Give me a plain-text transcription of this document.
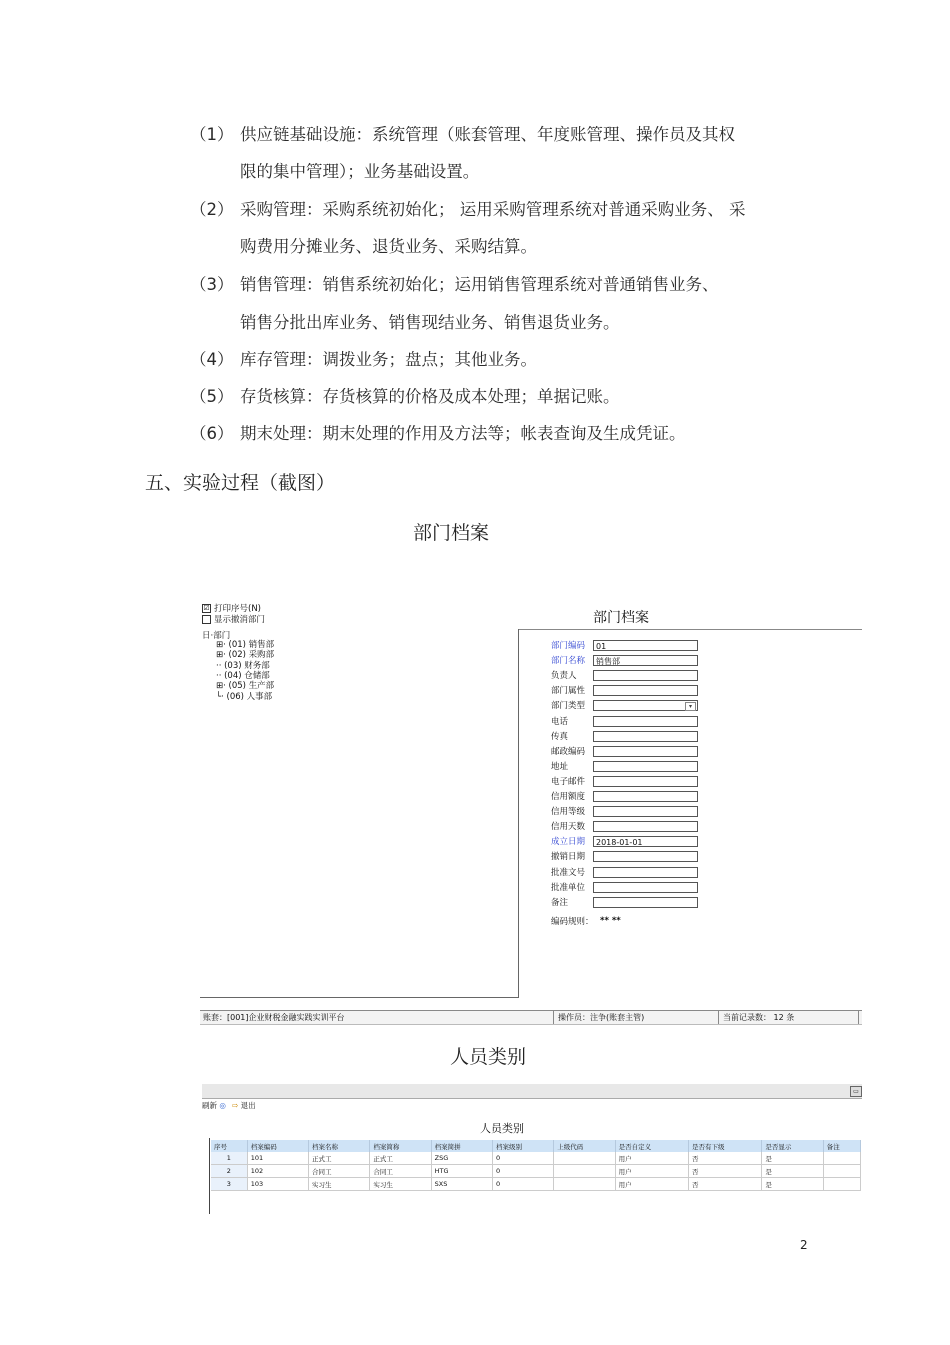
（1） 供应链基础设施：系统管理（账套管理、年度账管理、操作员及其权
限的集中管理）；业务基础设置。
（2） 采购管理：采购系统初始化； 运用采购管理系统对普通采购业务、 采
购费用分摊业务、退货业务、采购结算。
（3） 销售管理：销售系统初始化；运用销售管理系统对普通销售业务、
销售分批出库业务、销售现结业务、销售退货业务。
（4） 库存管理：调拨业务；盘点；其他业务。
（5） 存货核算：存货核算的价格及成本处理；单据记账。
（6） 期末处理：期末处理的作用及方法等；帐表查询及生成凭证。
五、实验过程（截图）
部门档案
☑ 打印序号(N)
显示撤消部门	部门档案
日·部门
⊞· (01) 销售部
⊞· (02) 采购部
·· (03) 财务部
·· (04) 仓储部
⊞· (05) 生产部
└· (06) 人事部
部门编码	01
部门名称	销售部
负责人
部门属性
部门类型	▾
电话
传真
邮政编码
地址
电子邮件
信用额度
信用等级
信用天数
成立日期	2018-01-01
撤销日期
批准文号
批准单位
备注
编码规则： ** **
账套：[001]企业财税金融实践实训平台	操作员：注争(账套主管)	当前记录数： 12 条
人员类别
▭
刷新 ◎ ⇨ 退出
人员类别
序号	档案编码	档案名称	档案简称	档案简拼	档案级别	上级代码	是否自定义	是否有下级	是否显示	备注
1	101	正式工	正式工	ZSG	0		用户	否	是	
2	102	合同工	合同工	HTG	0		用户	否	是	
3	103	实习生	实习生	SXS	0		用户	否	是	
2
